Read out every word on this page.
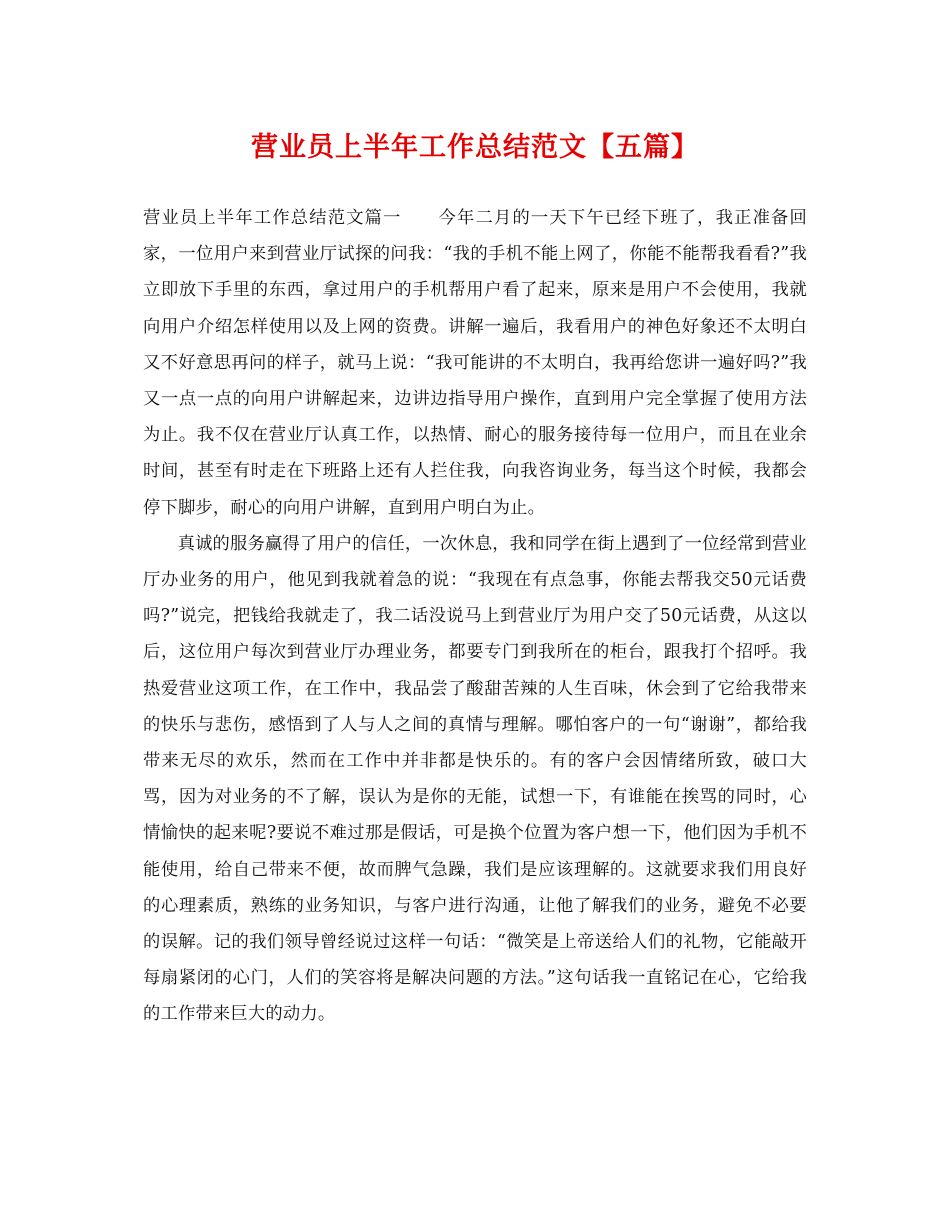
营业员上半年工作总结范文【五篇】

营业员上半年工作总结范文篇一　　今年二月的一天下午已经下班了，我正准备回家，一位用户来到营业厅试探的问我：“我的手机不能上网了，你能不能帮我看看?”我立即放下手里的东西，拿过用户的手机帮用户看了起来，原来是用户不会使用，我就向用户介绍怎样使用以及上网的资费。讲解一遍后，我看用户的神色好象还不太明白又不好意思再问的样子，就马上说：“我可能讲的不太明白，我再给您讲一遍好吗?”我又一点一点的向用户讲解起来，边讲边指导用户操作，直到用户完全掌握了使用方法为止。我不仅在营业厅认真工作，以热情、耐心的服务接待每一位用户，而且在业余时间，甚至有时走在下班路上还有人拦住我，向我咨询业务，每当这个时候，我都会停下脚步，耐心的向用户讲解，直到用户明白为止。

真诚的服务赢得了用户的信任，一次休息，我和同学在街上遇到了一位经常到营业厅办业务的用户，他见到我就着急的说：“我现在有点急事，你能去帮我交50元话费吗?”说完，把钱给我就走了，我二话没说马上到营业厅为用户交了50元话费，从这以后，这位用户每次到营业厅办理业务，都要专门到我所在的柜台，跟我打个招呼。我热爱营业这项工作，在工作中，我品尝了酸甜苦辣的人生百味，休会到了它给我带来的快乐与悲伤，感悟到了人与人之间的真情与理解。哪怕客户的一句“谢谢”，都给我带来无尽的欢乐，然而在工作中并非都是快乐的。有的客户会因情绪所致，破口大骂，因为对业务的不了解，误认为是你的无能，试想一下，有谁能在挨骂的同时，心情愉快的起来呢?要说不难过那是假话，可是换个位置为客户想一下，他们因为手机不能使用，给自己带来不便，故而脾气急躁，我们是应该理解的。这就要求我们用良好的心理素质，熟练的业务知识，与客户进行沟通，让他了解我们的业务，避免不必要的误解。记的我们领导曾经说过这样一句话：“微笑是上帝送给人们的礼物，它能敲开每扇紧闭的心门，人们的笑容将是解决问题的方法。”这句话我一直铭记在心，它给我的工作带来巨大的动力。
